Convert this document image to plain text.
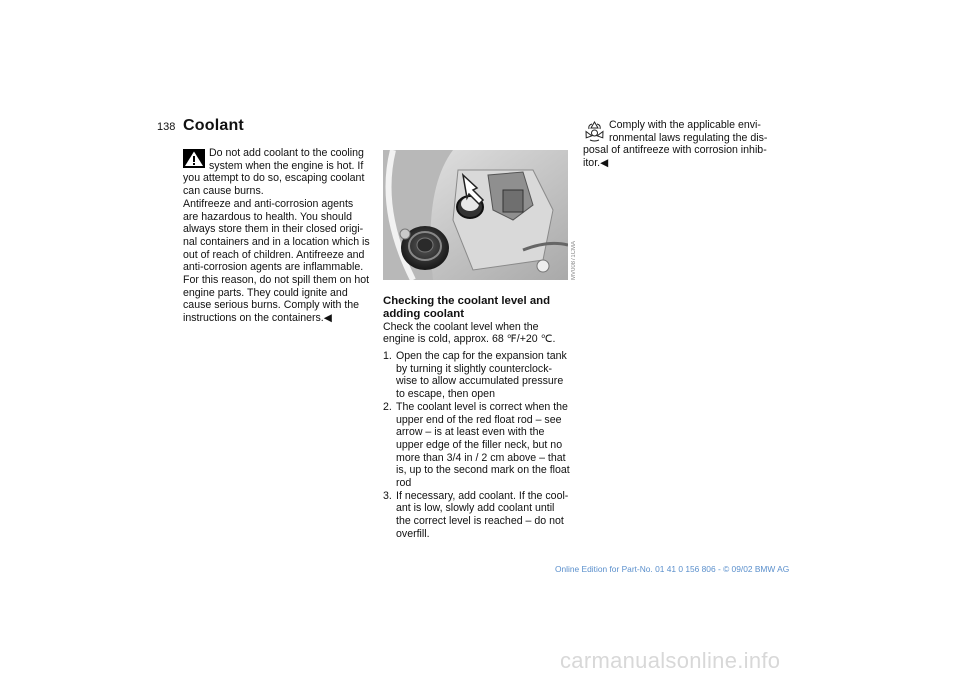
138 Coolant

Do not add coolant to the cooling

system when the engine is hot. If

you attempt to do so, escaping coolant

can cause burns.

Antifreeze and anti-corrosion agents

are hazardous to health. You should

always store them in their closed origi-

nal containers and in a location which is

out of reach of children. Antifreeze and

anti-corrosion agents are inflammable.

For this reason, do not spill them on hot

engine parts. They could ignite and

cause serious burns. Comply with the

instructions on the containers.◀

MV00871CMA

Checking the coolant level and
adding coolant

Check the coolant level when the

engine is cold, approx. 68 ℉/+20 ℃.

1. Open the cap for the expansion tank
by turning it slightly counterclock-
wise to allow accumulated pressure
to escape, then open
2. The coolant level is correct when the
upper end of the red float rod – see
arrow – is at least even with the
upper edge of the filler neck, but no
more than 3/4 in / 2 cm above – that
is, up to the second mark on the float
rod
3. If necessary, add coolant. If the cool-
ant is low, slowly add coolant until
the correct level is reached – do not
overfill.

Comply with the applicable envi-

ronmental laws regulating the dis-

posal of antifreeze with corrosion inhib-

itor.◀

Online Edition for Part-No. 01 41 0 156 806 - © 09/02 BMW AG
carmanualsonline.info
